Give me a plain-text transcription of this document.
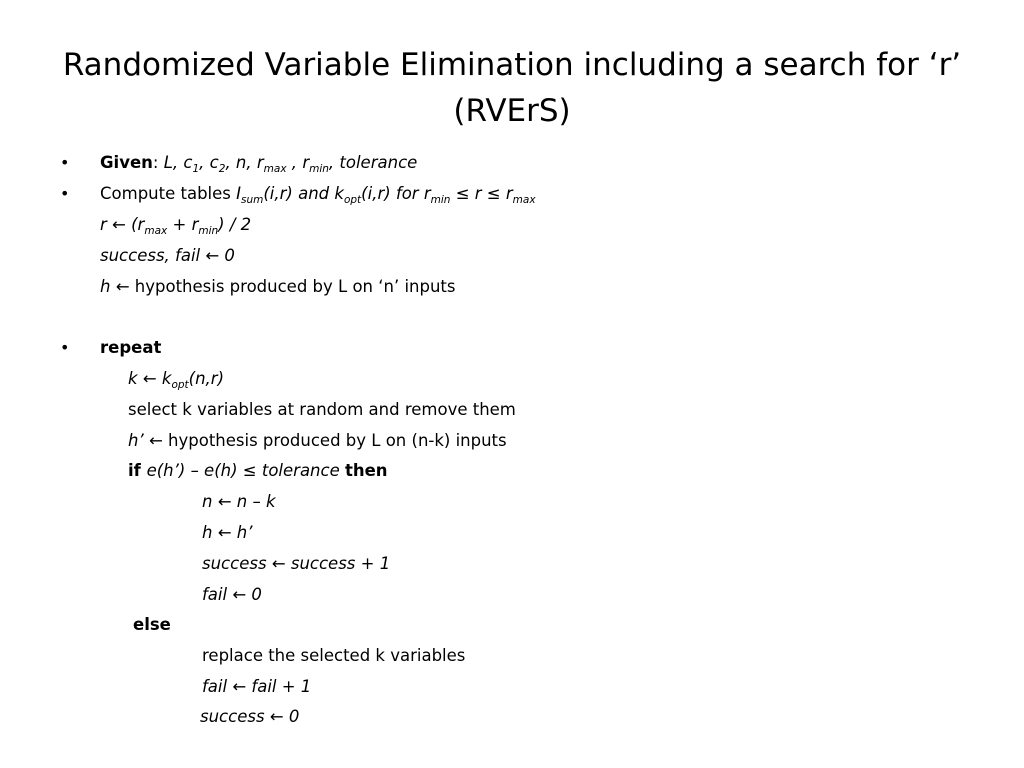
Randomized Variable Elimination including a search for ‘r’
(RVErS)
• Given: L, $c_1$, $c_2$, n, $r_{max}$ , $r_{min}$, tolerance
• Compute tables $I_{sum}(i,r)$ and $k_{opt}(i,r)$ for $r_{min} \le r \le r_{max}$
r ← $(r_{max} + r_{min}) / 2$
success, fail ← 0
h ← hypothesis produced by L on ‘n’ inputs
• repeat
k ← $k_{opt}(n,r)$
select k variables at random and remove them
h’ ← hypothesis produced by L on (n-k) inputs
if e(h’) – e(h) ≤ tolerance then
n ← n – k
h ← h’
success ← success + 1
fail ← 0
else
replace the selected k variables
fail ← fail + 1
success ← 0
